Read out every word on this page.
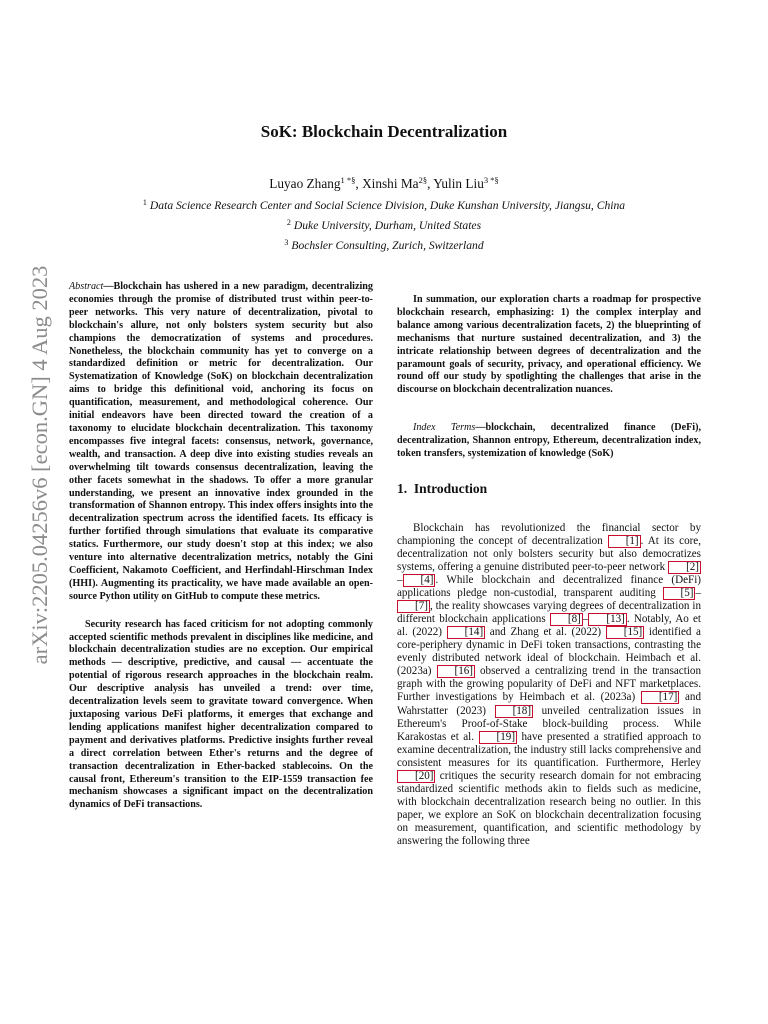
arXiv:2205.04256v6 [econ.GN] 4 Aug 2023
SoK: Blockchain Decentralization
Luyao Zhang$^{1 *\S}$, Xinshi $Ma^{2\S}$, Yulin Liu$^{3 *\S}$
$^1$ Data Science Research Center and Social Science Division, Duke Kunshan University, Jiangsu, China
$^2$ Duke University, Durham, United States
$^3$ Bochsler Consulting, Zurich, Switzerland

Abstract—Blockchain has ushered in a new paradigm, decentralizing economies through the promise of distributed trust within peer-to-peer networks. This very nature of decentralization, pivotal to blockchain's allure, not only bolsters system security but also champions the democratization of systems and procedures. Nonetheless, the blockchain community has yet to converge on a standardized definition or metric for decentralization. Our Systematization of Knowledge (SoK) on blockchain decentralization aims to bridge this definitional void, anchoring its focus on quantification, measurement, and methodological coherence. Our initial endeavors have been directed toward the creation of a taxonomy to elucidate blockchain decentralization. This taxonomy encompasses five integral facets: consensus, network, governance, wealth, and transaction. A deep dive into existing studies reveals an overwhelming tilt towards consensus decentralization, leaving the other facets somewhat in the shadows. To offer a more granular understanding, we present an innovative index grounded in the transformation of Shannon entropy. This index offers insights into the decentralization spectrum across the identified facets. Its efficacy is further fortified through simulations that evaluate its comparative statics. Furthermore, our study doesn't stop at this index; we also venture into alternative decentralization metrics, notably the Gini Coefficient, Nakamoto Coefficient, and Herfindahl-Hirschman Index (HHI). Augmenting its practicality, we have made available an open-source Python utility on GitHub to compute these metrics.

Security research has faced criticism for not adopting commonly accepted scientific methods prevalent in disciplines like medicine, and blockchain decentralization studies are no exception. Our empirical methods — descriptive, predictive, and causal — accentuate the potential of rigorous research approaches in the blockchain realm. Our descriptive analysis has unveiled a trend: over time, decentralization levels seem to gravitate toward convergence. When juxtaposing various DeFi platforms, it emerges that exchange and lending applications manifest higher decentralization compared to payment and derivatives platforms. Predictive insights further reveal a direct correlation between Ether's returns and the degree of transaction decentralization in Ether-backed stablecoins. On the causal front, Ethereum's transition to the EIP-1559 transaction fee mechanism showcases a significant impact on the decentralization dynamics of DeFi transactions.

In summation, our exploration charts a roadmap for prospective blockchain research, emphasizing: 1) the complex interplay and balance among various decentralization facets, 2) the blueprinting of mechanisms that nurture sustained decentralization, and 3) the intricate relationship between degrees of decentralization and the paramount goals of security, privacy, and operational efficiency. We round off our study by spotlighting the challenges that arise in the discourse on blockchain decentralization nuances.

Index Terms—blockchain, decentralized finance (DeFi), decentralization, Shannon entropy, Ethereum, decentralization index, token transfers, systemization of knowledge (SoK)

1. Introduction

Blockchain has revolutionized the financial sector by championing the concept of decentralization [1] . At its core, decentralization not only bolsters security but also democratizes systems, offering a genuine distributed peer-to-peer network [2]– [4] . While blockchain and decentralized finance (DeFi) applications pledge non-custodial, transparent auditing [5] –[7] , the reality showcases varying degrees of decentralization in different blockchain applications [8] – [13] . Notably, Ao et al. (2022) [14] and Zhang et al. (2022) [15] identified a core-periphery dynamic in DeFi token transactions, contrasting the evenly distributed network ideal of blockchain. Heimbach et al. (2023a) [16] observed a centralizing trend in the transaction graph with the growing popularity of DeFi and NFT marketplaces. Further investigations by Heimbach et al. (2023a) [17] and Wahrstatter (2023) [18] unveiled centralization issues in Ethereum's Proof-of-Stake block-building process. While Karakostas et al. [19] have presented a stratified approach to examine decentralization, the industry still lacks comprehensive and consistent measures for its quantification. Furthermore, Herley [20] critiques the security research domain for not embracing standardized scientific methods akin to fields such as medicine, with blockchain decentralization research being no outlier. In this paper, we explore an SoK on blockchain decentralization focusing on measurement, quantification, and scientific methodology by answering the following three
